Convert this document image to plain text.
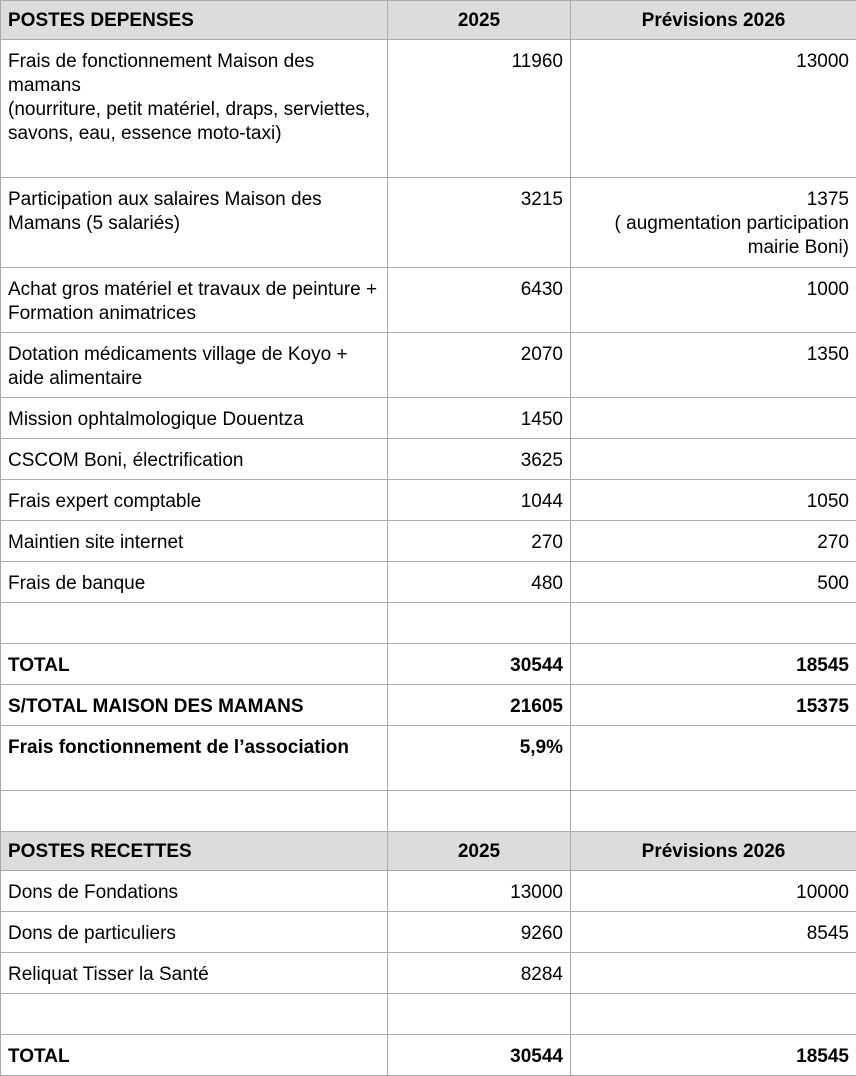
POSTES DEPENSES	2025	Prévisions 2026

Frais de fonctionnement Maison des mamans
(nourriture, petit matériel, draps, serviettes, savons, eau, essence moto-taxi)	11960	13000
Participation aux salaires Maison des Mamans (5 salariés)	3215	1375
( augmentation participation mairie Boni)

Achat gros matériel et travaux de peinture + Formation animatrices	6430	1000
Dotation médicaments village de Koyo + aide alimentaire	2070	1350
Mission ophtalmologique Douentza	1450	
CSCOM Boni, électrification	3625	
Frais expert comptable	1044	1050
Maintien site internet	270	270
Frais de banque	480	500

TOTAL	30544	18545
S/TOTAL MAISON DES MAMANS	21605	15375
Frais fonctionnement de l’association	5,9%	

POSTES RECETTES	2025	Prévisions 2026
Dons de Fondations	13000	10000
Dons de particuliers	9260	8545
Reliquat Tisser la Santé	8284	

TOTAL	30544	18545
